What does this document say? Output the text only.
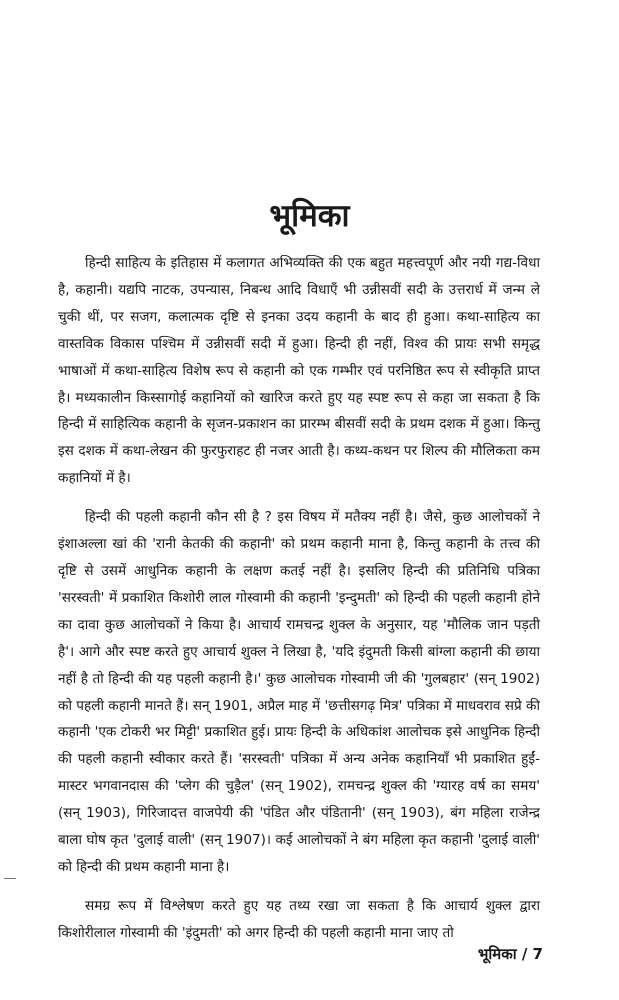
भूमिका

हिन्दी साहित्य के इतिहास में कलागत अभिव्यक्ति की एक बहुत महत्त्वपूर्ण और नयी गद्य-विधा है, कहानी। यद्यपि नाटक, उपन्यास, निबन्ध आदि विधाएँ भी उन्नीसवीं सदी के उत्तरार्ध में जन्म ले चुकी थीं, पर सजग, कलात्मक दृष्टि से इनका उदय कहानी के बाद ही हुआ। कथा-साहित्य का वास्तविक विकास पश्चिम में उन्नीसवीं सदी में हुआ। हिन्दी ही नहीं, विश्व की प्रायः सभी समृद्ध भाषाओं में कथा-साहित्य विशेष रूप से कहानी को एक गम्भीर एवं परनिष्ठित रूप से स्वीकृति प्राप्त है। मध्यकालीन किस्सागोई कहानियों को खारिज करते हुए यह स्पष्ट रूप से कहा जा सकता है कि हिन्दी में साहित्यिक कहानी के सृजन-प्रकाशन का प्रारम्भ बीसवीं सदी के प्रथम दशक में हुआ। किन्तु इस दशक में कथा-लेखन की फुरफुराहट ही नजर आती है। कथ्य-कथन पर शिल्प की मौलिकता कम कहानियों में है।

हिन्दी की पहली कहानी कौन सी है ? इस विषय में मतैक्य नहीं है। जैसे, कुछ आलोचकों ने इंशाअल्ला खां की 'रानी केतकी की कहानी' को प्रथम कहानी माना है, किन्तु कहानी के तत्त्व की दृष्टि से उसमें आधुनिक कहानी के लक्षण कतई नहीं है। इसलिए हिन्दी की प्रतिनिधि पत्रिका 'सरस्वती' में प्रकाशित किशोरी लाल गोस्वामी की कहानी 'इन्दुमती' को हिन्दी की पहली कहानी होने का दावा कुछ आलोचकों ने किया है। आचार्य रामचन्द्र शुक्ल के अनुसार, यह 'मौलिक जान पड़ती है'। आगे और स्पष्ट करते हुए आचार्य शुक्ल ने लिखा है, 'यदि इंदुमती किसी बांग्ला कहानी की छाया नहीं है तो हिन्दी की यह पहली कहानी है।' कुछ आलोचक गोस्वामी जी की 'गुलबहार' (सन् 1902) को पहली कहानी मानते हैं। सन् 1901, अप्रैल माह में 'छत्तीसगढ़ मित्र' पत्रिका में माधवराव सप्रे की कहानी 'एक टोकरी भर मिट्टी' प्रकाशित हुई। प्रायः हिन्दी के अधिकांश आलोचक इसे आधुनिक हिन्दी की पहली कहानी स्वीकार करते हैं। 'सरस्वती' पत्रिका में अन्य अनेक कहानियाँ भी प्रकाशित हुईं- मास्टर भगवानदास की 'प्लेग की चुड़ैल' (सन् 1902), रामचन्द्र शुक्ल की 'ग्यारह वर्ष का समय' (सन् 1903), गिरिजादत्त वाजपेयी की 'पंडित और पंडितानी' (सन् 1903), बंग महिला राजेन्द्र बाला घोष कृत 'दुलाई वाली' (सन् 1907)। कई आलोचकों ने बंग महिला कृत कहानी 'दुलाई वाली' को हिन्दी की प्रथम कहानी माना है।

समग्र रूप में विश्लेषण करते हुए यह तथ्य रखा जा सकता है कि आचार्य शुक्ल द्वारा किशोरीलाल गोस्वामी की 'इंदुमती' को अगर हिन्दी की पहली कहानी माना जाए तो

भूमिका / 7
